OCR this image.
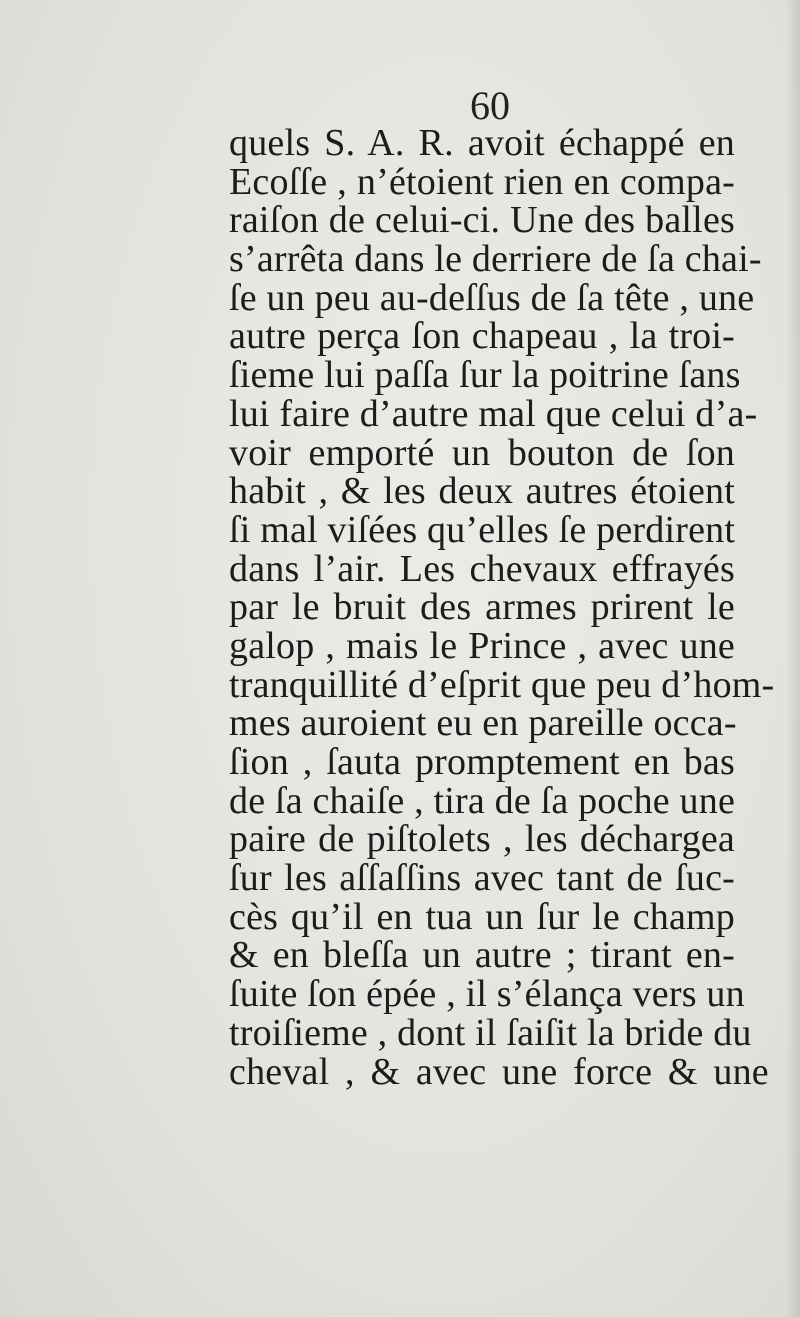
60
quels S. A. R. avoit échappé en
Ecoſſe , n’étoient rien en compa-
raiſon de celui-ci. Une des balles
s’arrêta dans le derriere de ſa chai-
ſe un peu au-deſſus de ſa tête , une
autre perça ſon chapeau , la troi-
ſieme lui paſſa ſur la poitrine ſans
lui faire d’autre mal que celui d’a-
voir emporté un bouton de ſon
habit , & les deux autres étoient
ſi mal viſées qu’elles ſe perdirent
dans l’air. Les chevaux effrayés
par le bruit des armes prirent le
galop , mais le Prince , avec une
tranquillité d’eſprit que peu d’hom-
mes auroient eu en pareille occa-
ſion , ſauta promptement en bas
de ſa chaiſe , tira de ſa poche une
paire de piſtolets , les déchargea
ſur les aſſaſſins avec tant de ſuc-
cès qu’il en tua un ſur le champ
& en bleſſa un autre ; tirant en-
ſuite ſon épée , il s’élança vers un
troiſieme , dont il ſaiſit la bride du
cheval , & avec une force & une
